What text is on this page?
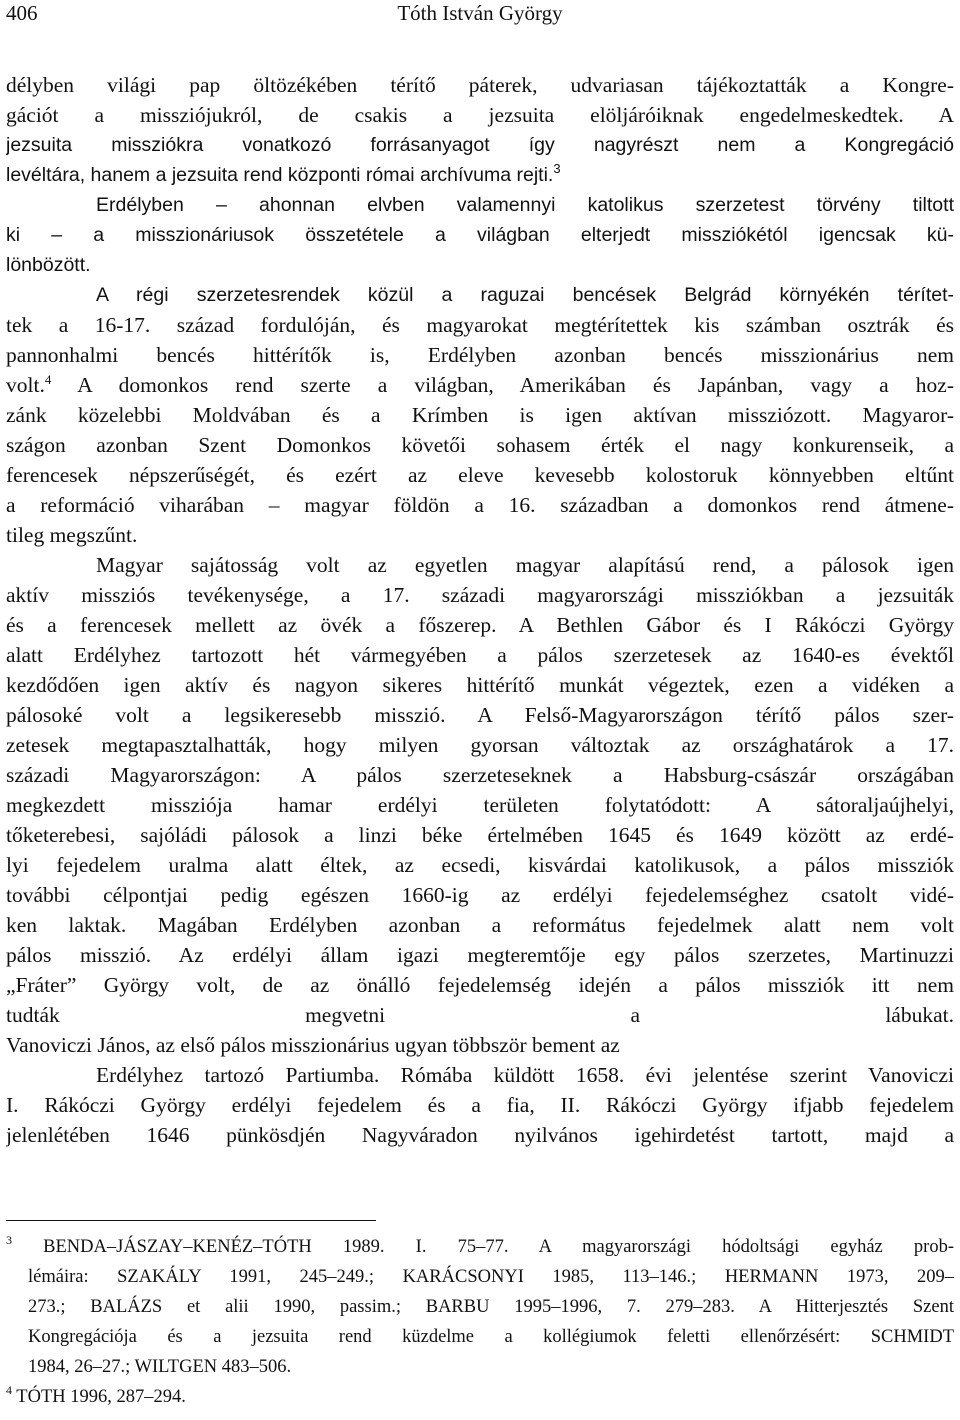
406	Tóth István György
délyben világi pap öltözékében térítő páterek, udvariasan tájékoztatták a Kongre-
gációt a missziójukról, de csakis a jezsuita elöljáróiknak engedelmeskedtek. A
jezsuita missziókra vonatkozó forrásanyagot így nagyrészt nem a Kongregáció
levéltára, hanem a jezsuita rend központi római archívuma rejti.$^3$
Erdélyben – ahonnan elvben valamennyi katolikus szerzetest törvény tiltott
ki – a misszionáriusok összetétele a világban elterjedt missziókétól igencsak kü-
lönbözött.
A régi szerzetesrendek közül a raguzai bencések Belgrád környékén térítet-
tek a 16-17. század fordulóján, és magyarokat megtérítettek kis számban osztrák és
pannonhalmi bencés hittérítők is, Erdélyben azonban bencés misszionárius nem
volt.$^4$ A domonkos rend szerte a világban, Amerikában és Japánban, vagy a hoz-
zánk közelebbi Moldvában és a Krímben is igen aktívan missziózott. Magyaror-
szágon azonban Szent Domonkos követői sohasem érték el nagy konkurenseik, a
ferencesek népszerűségét, és ezért az eleve kevesebb kolostoruk könnyebben eltűnt
a reformáció viharában – magyar földön a 16. században a domonkos rend átmene-
tileg megszűnt.
Magyar sajátosság volt az egyetlen magyar alapítású rend, a pálosok igen
aktív missziós tevékenysége, a 17. századi magyarországi missziókban a jezsuiták
és a ferencesek mellett az övék a főszerep. A Bethlen Gábor és I Rákóczi György
alatt Erdélyhez tartozott hét vármegyében a pálos szerzetesek az 1640-es évektől
kezdődően igen aktív és nagyon sikeres hittérítő munkát végeztek, ezen a vidéken a
pálosoké volt a legsikeresebb misszió. A Felső-Magyarországon térítő pálos szer-
zetesek megtapasztalhatták, hogy milyen gyorsan változtak az országhatárok a 17.
századi Magyarországon: A pálos szerzeteseknek a Habsburg-császár országában
megkezdett missziója hamar erdélyi területen folytatódott: A sátoraljaújhelyi,
tőketerebesi, sajóládi pálosok a linzi béke értelmében 1645 és 1649 között az erdé-
lyi fejedelem uralma alatt éltek, az ecsedi, kisvárdai katolikusok, a pálos missziók
további célpontjai pedig egészen 1660-ig az erdélyi fejedelemséghez csatolt vidé-
ken laktak. Magában Erdélyben azonban a református fejedelmek alatt nem volt
pálos misszió. Az erdélyi állam igazi megteremtője egy pálos szerzetes, Martinuzzi
„Fráter” György volt, de az önálló fejedelemség idején a pálos missziók itt nem
tudták megvetni a lábukat.
Vanoviczi János, az első pálos misszionárius ugyan többször bement az
Erdélyhez tartozó Partiumba. Rómába küldött 1658. évi jelentése szerint Vanoviczi
I. Rákóczi György erdélyi fejedelem és a fia, II. Rákóczi György ifjabb fejedelem
jelenlétében 1646 pünkösdjén Nagyváradon nyilvános igehirdetést tartott, majd a
$^3$ BENDA–JÁSZAY–KENÉZ–TÓTH 1989. I. 75–77. A magyarországi hódoltsági egyház prob-
lémáira: SZAKÁLY 1991, 245–249.; KARÁCSONYI 1985, 113–146.; HERMANN 1973, 209–
273.; BALÁZS et alii 1990, passim.; BARBU 1995–1996, 7. 279–283. A Hitterjesztés Szent
Kongregációja és a jezsuita rend küzdelme a kollégiumok feletti ellenőrzésért: SCHMIDT
1984, 26–27.; WILTGEN 483–506.
$^4$ TÓTH 1996, 287–294.
